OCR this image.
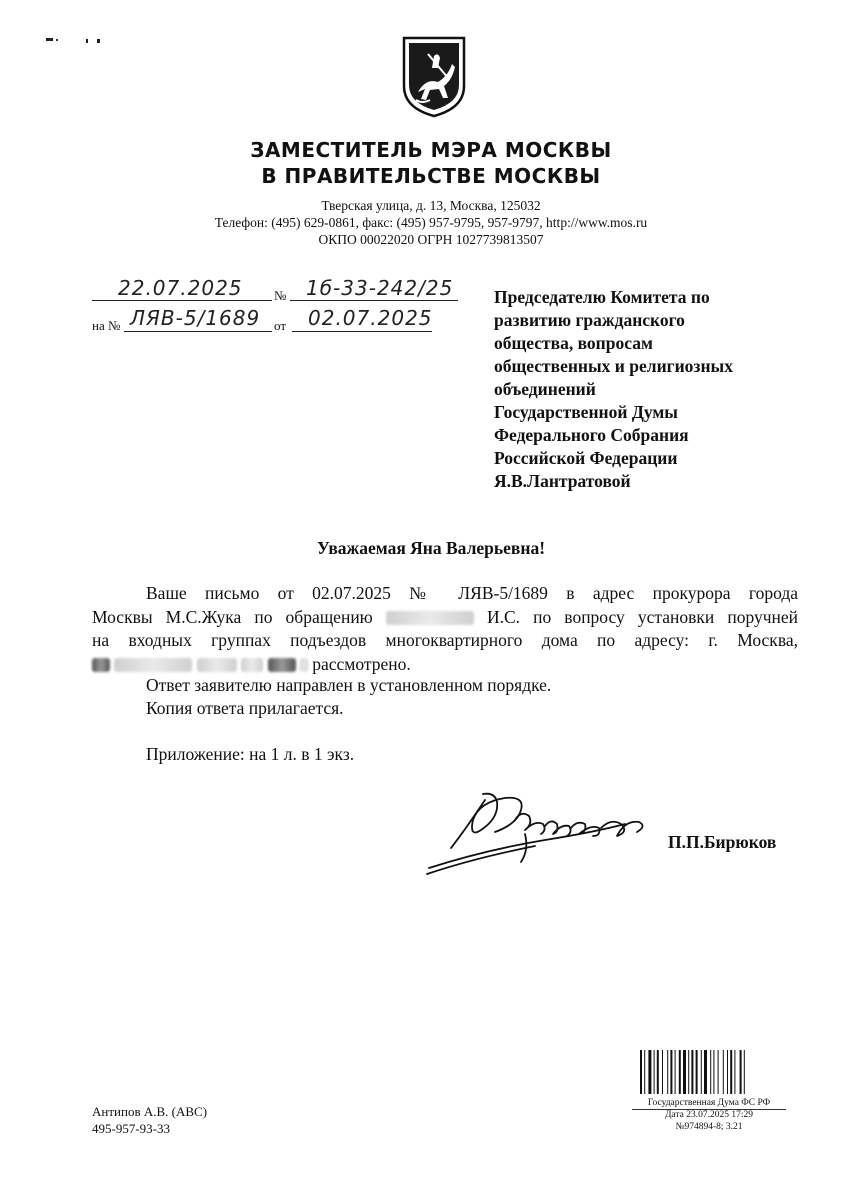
ЗАМЕСТИТЕЛЬ МЭРА МОСКВЫ
В ПРАВИТЕЛЬСТВЕ МОСКВЫ
Тверская улица, д. 13, Москва, 125032
Телефон: (495) 629-0861, факс: (495) 957-9795, 957-9797, http://www.mos.ru
ОКПО 00022020 ОГРН 1027739813507
22.07.2025 № 1б-33-242/25
на № ЛЯВ-5/1689 от 02.07.2025
Председателю Комитета по
развитию гражданского
общества, вопросам
общественных и религиозных
объединений
Государственной Думы
Федерального Собрания
Российской Федерации
Я.В.Лантратовой
Уважаемая Яна Валерьевна!
Ваше письмо от 02.07.2025 № ЛЯВ-5/1689 в адрес прокурора города
Москвы М.С.Жука по обращению	И.С. по вопросу установки поручней
на входных группах подъездов многоквартирного дома по адресу: г. Москва,
рассмотрено.
Ответ заявителю направлен в установленном порядке.
Копия ответа прилагается.
Приложение: на 1 л. в 1 экз.
П.П.Бирюков
Антипов А.В. (АВС)
495-957-93-33
Государственная Дума ФС РФ
Дата 23.07.2025 17:29
№974894-8; 3.21
